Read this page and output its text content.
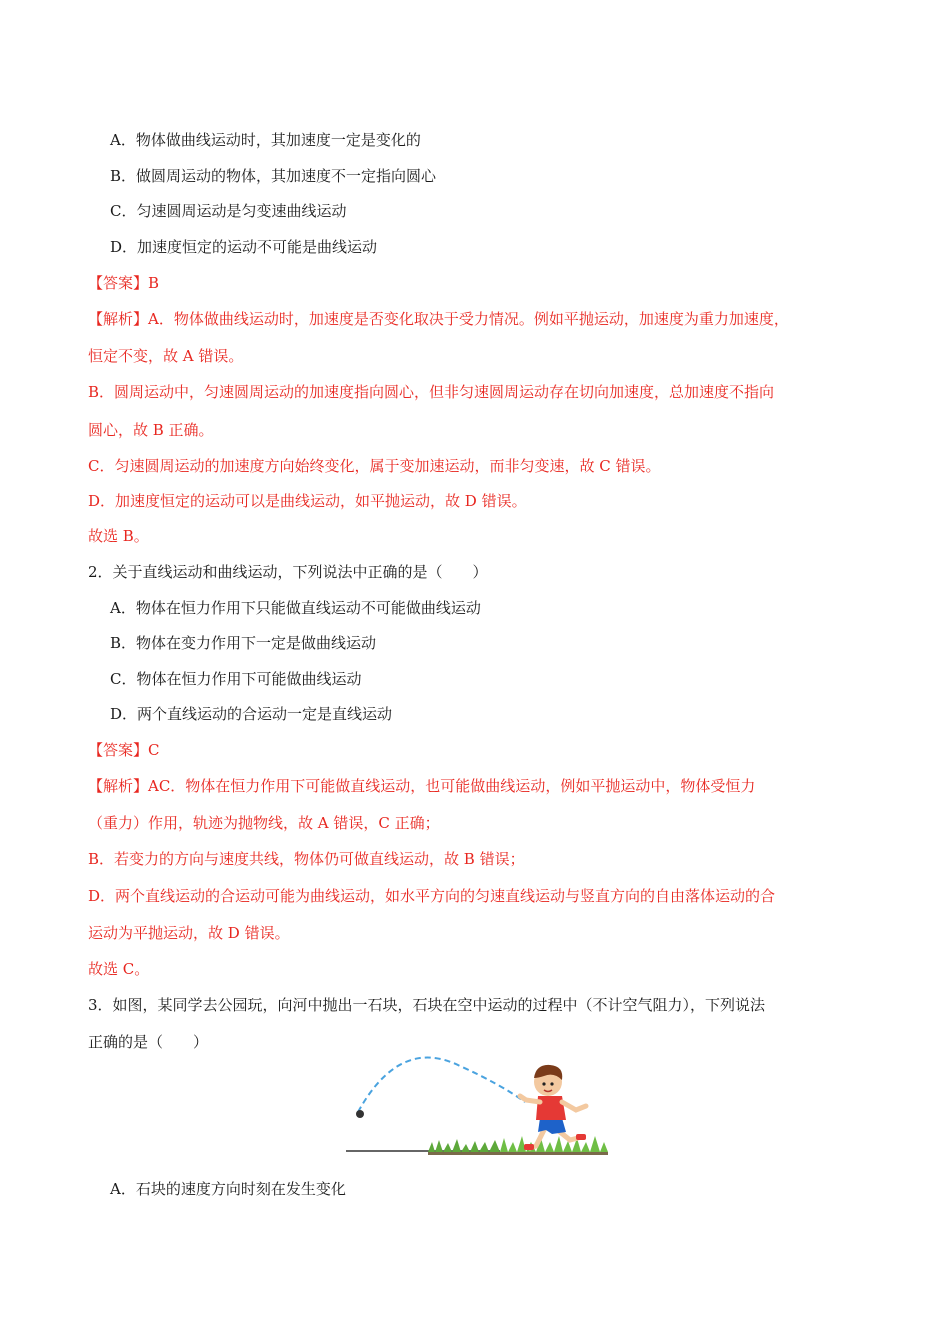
A．物体做曲线运动时，其加速度一定是变化的
B．做圆周运动的物体，其加速度不一定指向圆心
C．匀速圆周运动是匀变速曲线运动
D．加速度恒定的运动不可能是曲线运动
【答案】B
【解析】A．物体做曲线运动时，加速度是否变化取决于受力情况。例如平抛运动，加速度为重力加速度，
恒定不变，故 A 错误。
B．圆周运动中，匀速圆周运动的加速度指向圆心，但非匀速圆周运动存在切向加速度，总加速度不指向
圆心，故 B 正确。
C．匀速圆周运动的加速度方向始终变化，属于变加速运动，而非匀变速，故 C 错误。
D．加速度恒定的运动可以是曲线运动，如平抛运动，故 D 错误。
故选 B。
2．关于直线运动和曲线运动，下列说法中正确的是（　　）
A．物体在恒力作用下只能做直线运动不可能做曲线运动
B．物体在变力作用下一定是做曲线运动
C．物体在恒力作用下可能做曲线运动
D．两个直线运动的合运动一定是直线运动
【答案】C
【解析】AC．物体在恒力作用下可能做直线运动，也可能做曲线运动，例如平抛运动中，物体受恒力
（重力）作用，轨迹为抛物线，故 A 错误，C 正确；
B．若变力的方向与速度共线，物体仍可做直线运动，故 B 错误；
D．两个直线运动的合运动可能为曲线运动，如水平方向的匀速直线运动与竖直方向的自由落体运动的合
运动为平抛运动，故 D 错误。
故选 C。
3．如图，某同学去公园玩，向河中抛出一石块，石块在空中运动的过程中（不计空气阻力），下列说法
正确的是（　　）
A．石块的速度方向时刻在发生变化
